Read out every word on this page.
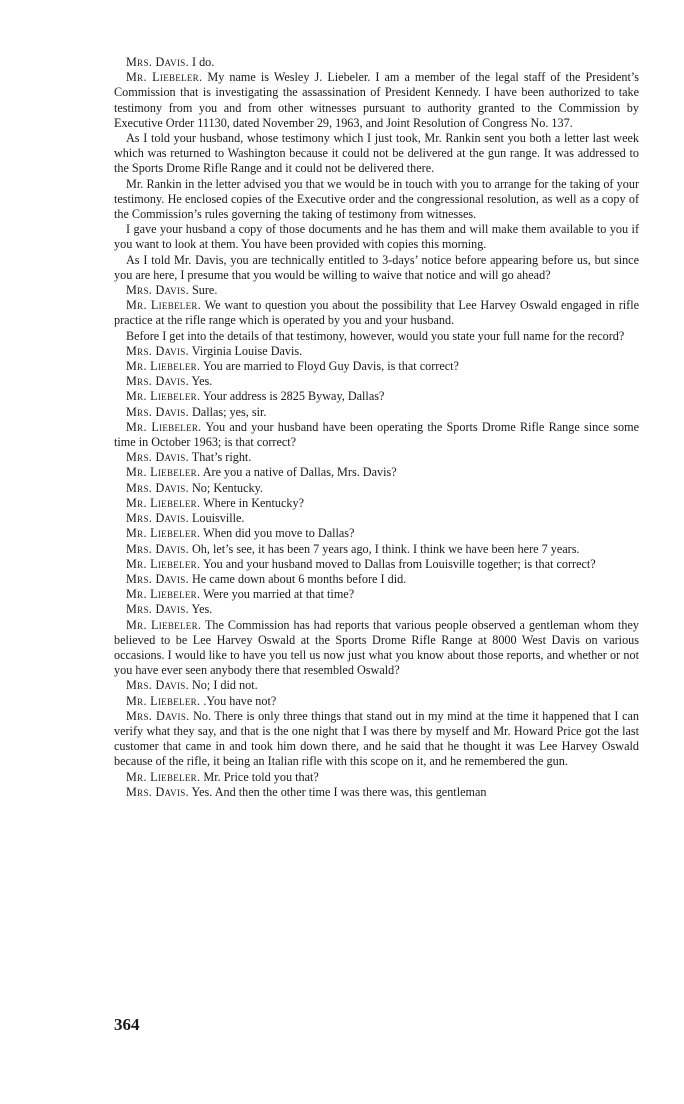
Mrs. Davis. I do.

Mr. Liebeler. My name is Wesley J. Liebeler. I am a member of the legal staff of the President’s Commission that is investigating the assassination of President Kennedy. I have been authorized to take testimony from you and from other witnesses pursuant to authority granted to the Commission by Executive Order 11130, dated November 29, 1963, and Joint Resolution of Congress No. 137.

As I told your husband, whose testimony which I just took, Mr. Rankin sent you both a letter last week which was returned to Washington because it could not be delivered at the gun range. It was addressed to the Sports Drome Rifle Range and it could not be delivered there.

Mr. Rankin in the letter advised you that we would be in touch with you to arrange for the taking of your testimony. He enclosed copies of the Executive order and the congressional resolution, as well as a copy of the Commission’s rules governing the taking of testimony from witnesses.

I gave your husband a copy of those documents and he has them and will make them available to you if you want to look at them. You have been provided with copies this morning.

As I told Mr. Davis, you are technically entitled to 3-days’ notice before appearing before us, but since you are here, I presume that you would be willing to waive that notice and will go ahead?

Mrs. Davis. Sure.

Mr. Liebeler. We want to question you about the possibility that Lee Harvey Oswald engaged in rifle practice at the rifle range which is operated by you and your husband.

Before I get into the details of that testimony, however, would you state your full name for the record?

Mrs. Davis. Virginia Louise Davis.

Mr. Liebeler. You are married to Floyd Guy Davis, is that correct?

Mrs. Davis. Yes.

Mr. Liebeler. Your address is 2825 Byway, Dallas?

Mrs. Davis. Dallas; yes, sir.

Mr. Liebeler. You and your husband have been operating the Sports Drome Rifle Range since some time in October 1963; is that correct?

Mrs. Davis. That’s right.

Mr. Liebeler. Are you a native of Dallas, Mrs. Davis?

Mrs. Davis. No; Kentucky.

Mr. Liebeler. Where in Kentucky?

Mrs. Davis. Louisville.

Mr. Liebeler. When did you move to Dallas?

Mrs. Davis. Oh, let’s see, it has been 7 years ago, I think. I think we have been here 7 years.

Mr. Liebeler. You and your husband moved to Dallas from Louisville together; is that correct?

Mrs. Davis. He came down about 6 months before I did.

Mr. Liebeler. Were you married at that time?

Mrs. Davis. Yes.

Mr. Liebeler. The Commission has had reports that various people observed a gentleman whom they believed to be Lee Harvey Oswald at the Sports Drome Rifle Range at 8000 West Davis on various occasions. I would like to have you tell us now just what you know about those reports, and whether or not you have ever seen anybody there that resembled Oswald?

Mrs. Davis. No; I did not.

Mr. Liebeler. .You have not?

Mrs. Davis. No. There is only three things that stand out in my mind at the time it happened that I can verify what they say, and that is the one night that I was there by myself and Mr. Howard Price got the last customer that came in and took him down there, and he said that he thought it was Lee Harvey Oswald because of the rifle, it being an Italian rifle with this scope on it, and he remembered the gun.

Mr. Liebeler. Mr. Price told you that?

Mrs. Davis. Yes. And then the other time I was there was, this gentleman

364
